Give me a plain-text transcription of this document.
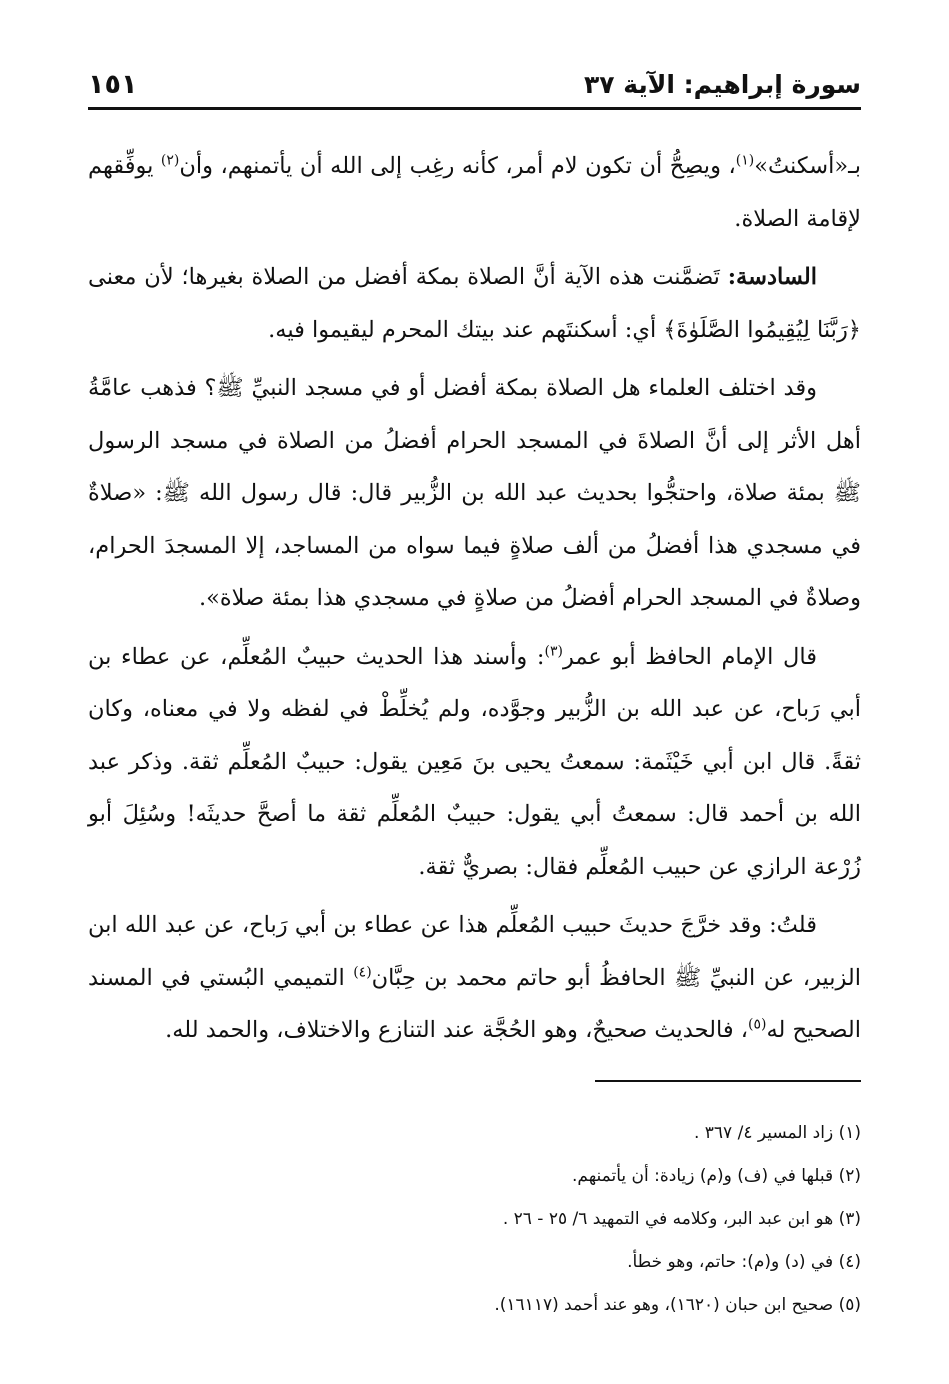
سورة إبراهيم: الآية ٣٧
١٥١

بـ«أسكنتُ»$^{(١)}$، ويصِحُّ أن تكون لام أمر، كأنه رغِب إلى الله أن يأتمنهم، وأن$^{(٢)}$ يوفِّقهم لإقامة الصلاة.

السادسة: تَضمَّنت هذه الآية أنَّ الصلاة بمكة أفضل من الصلاة بغيرها؛ لأن معنى ﴿رَبَّنَا لِيُقِيمُوا الصَّلَوٰةَ﴾ أي: أسكنتَهم عند بيتك المحرم ليقيموا فيه.

وقد اختلف العلماء هل الصلاة بمكة أفضل أو في مسجد النبيِّ ﷺ؟ فذهب عامَّةُ أهل الأثر إلى أنَّ الصلاةَ في المسجد الحرام أفضلُ من الصلاة في مسجد الرسول ﷺ بمئة صلاة، واحتجُّوا بحديث عبد الله بن الزُّبير قال: قال رسول الله ﷺ: «صلاةٌ في مسجدي هذا أفضلُ من ألف صلاةٍ فيما سواه من المساجد، إلا المسجدَ الحرام، وصلاةٌ في المسجد الحرام أفضلُ من صلاةٍ في مسجدي هذا بمئة صلاة».

قال الإمام الحافظ أبو عمر$^{(٣)}$: وأسند هذا الحديث حبيبٌ المُعلِّم، عن عطاء بن أبي رَباح، عن عبد الله بن الزُّبير وجوَّده، ولم يُخلِّطْ في لفظه ولا في معناه، وكان ثقةً. قال ابن أبي خَيْثَمة: سمعتُ يحيى بنَ مَعِين يقول: حبيبٌ المُعلِّم ثقة. وذكر عبد الله بن أحمد قال: سمعتُ أبي يقول: حبيبٌ المُعلِّم ثقة ما أصحَّ حديثَه! وسُئِلَ أبو زُرْعة الرازي عن حبيب المُعلِّم فقال: بصريٌّ ثقة.

قلتُ: وقد خرَّجَ حديثَ حبيب المُعلِّم هذا عن عطاء بن أبي رَباح، عن عبد الله ابن الزبير، عن النبيِّ ﷺ الحافظُ أبو حاتم محمد بن حِبَّان$^{(٤)}$ التميمي البُستي في المسند الصحيح له$^{(٥)}$، فالحديث صحيحٌ، وهو الحُجَّة عند التنازع والاختلاف، والحمد لله.

(١) زاد المسير ٤/ ٣٦٧ .

(٢) قبلها في (ف) و(م) زيادة: أن يأتمنهم.

(٣) هو ابن عبد البر، وكلامه في التمهيد ٦/ ٢٥ - ٢٦ .

(٤) في (د) و(م): حاتم، وهو خطأ.

(٥) صحيح ابن حبان (١٦٢٠)، وهو عند أحمد (١٦١١٧).
